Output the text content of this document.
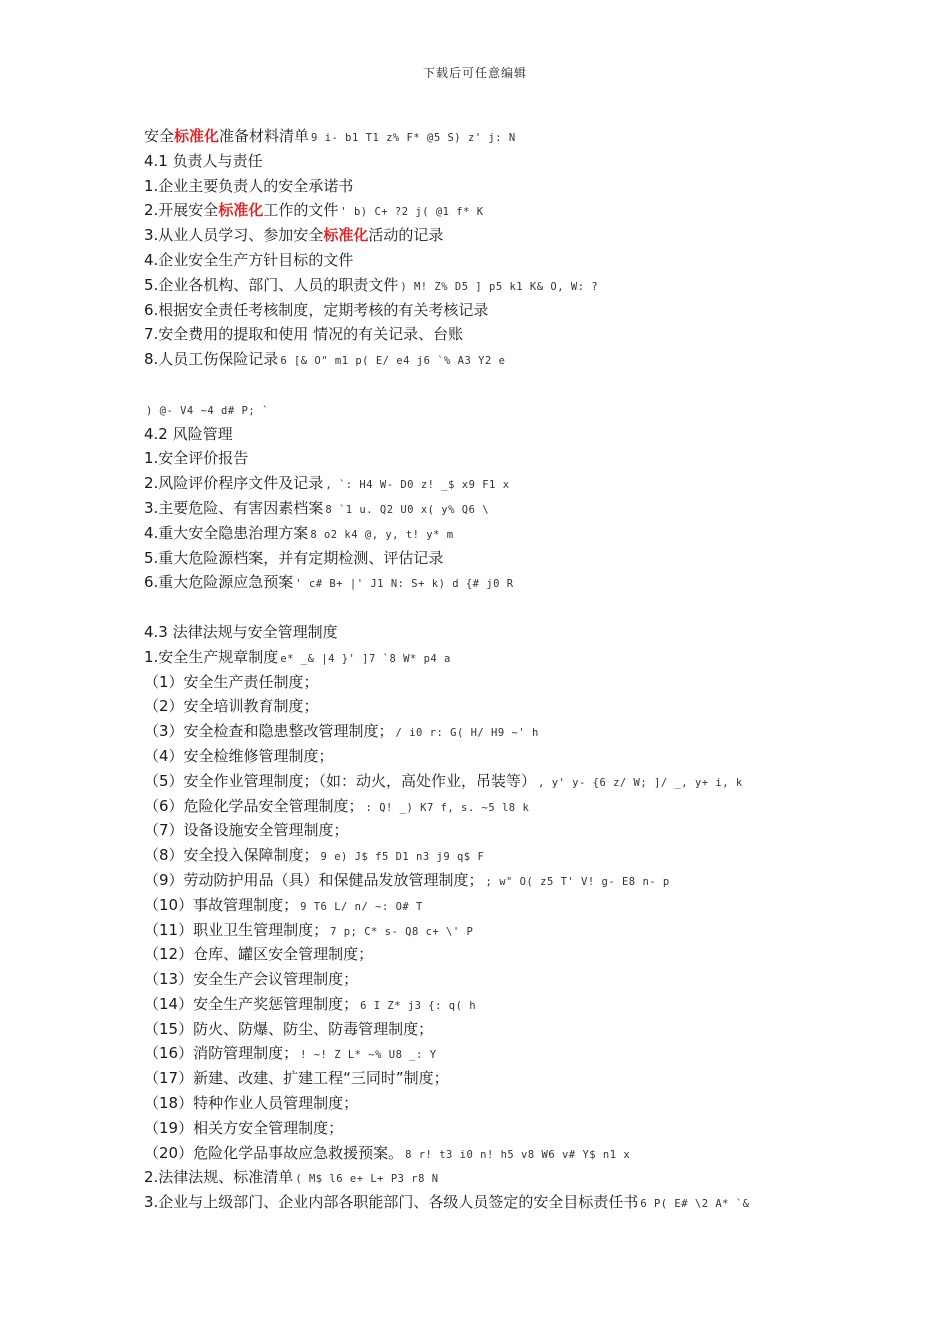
下载后可任意编辑
安全标准化准备材料清单 9 i- b1 T1 z% F* @5 S) z' j: N
4.1 负责人与责任
1.企业主要负责人的安全承诺书
2.开展安全标准化工作的文件 ' b) C+ ?2 j( @1 f* K
3.从业人员学习、参加安全标准化活动的记录
4.企业安全生产方针目标的文件
5.企业各机构、部门、人员的职责文件 ) M! Z% D5 ] p5 k1 K& O, W: ?
6.根据安全责任考核制度，定期考核的有关考核记录
7.安全费用的提取和使用 情况的有关记录、台账
8.人员工伤保险记录 6 [& O" m1 p( E/ e4 j6 `% A3 Y2 e
) @- V4 ~4 d# P; `
4.2 风险管理
1.安全评价报告
2.风险评价程序文件及记录 , `: H4 W- D0 z! _$ x9 F1 x
3.主要危险、有害因素档案 8 `1 u. Q2 U0 x( y% Q6 \
4.重大安全隐患治理方案 8 o2 k4 @, y, t! y* m
5.重大危险源档案，并有定期检测、评估记录
6.重大危险源应急预案 ' c# B+ |' J1 N: S+ k) d {# j0 R
4.3 法律法规与安全管理制度
1.安全生产规章制度 e* _& |4 }' ]7 `8 W* p4 a
（1）安全生产责任制度；
（2）安全培训教育制度；
（3）安全检查和隐患整改管理制度； / i0 r: G( H/ H9 ~' h
（4）安全检维修管理制度；
（5）安全作业管理制度；（如：动火，高处作业，吊装等） , y' y- {6 z/ W; ]/ _, y+ i, k
（6）危险化学品安全管理制度； : Q! _) K7 f, s. ~5 l8 k
（7）设备设施安全管理制度；
（8）安全投入保障制度； 9 e) J$ f5 D1 n3 j9 q$ F
（9）劳动防护用品（具）和保健品发放管理制度； ; w" O( z5 T' V! g- E8 n- p
（10）事故管理制度； 9 T6 L/ n/ ~: O# T
（11）职业卫生管理制度； 7 p; C* s- Q8 c+ \' P
（12）仓库、罐区安全管理制度；
（13）安全生产会议管理制度；
（14）安全生产奖惩管理制度； 6 I Z* j3 {: q( h
（15）防火、防爆、防尘、防毒管理制度；
（16）消防管理制度； ! ~! Z L* ~% U8 _: Y
（17）新建、改建、扩建工程“三同时”制度；
（18）特种作业人员管理制度；
（19）相关方安全管理制度；
（20）危险化学品事故应急救援预案。 8 r! t3 i0 n! h5 v8 W6 v# Y$ n1 x
2.法律法规、标准清单 ( M$ l6 e+ L+ P3 r8 N
3.企业与上级部门、企业内部各职能部门、各级人员签定的安全目标责任书 6 P( E# \2 A* `&
